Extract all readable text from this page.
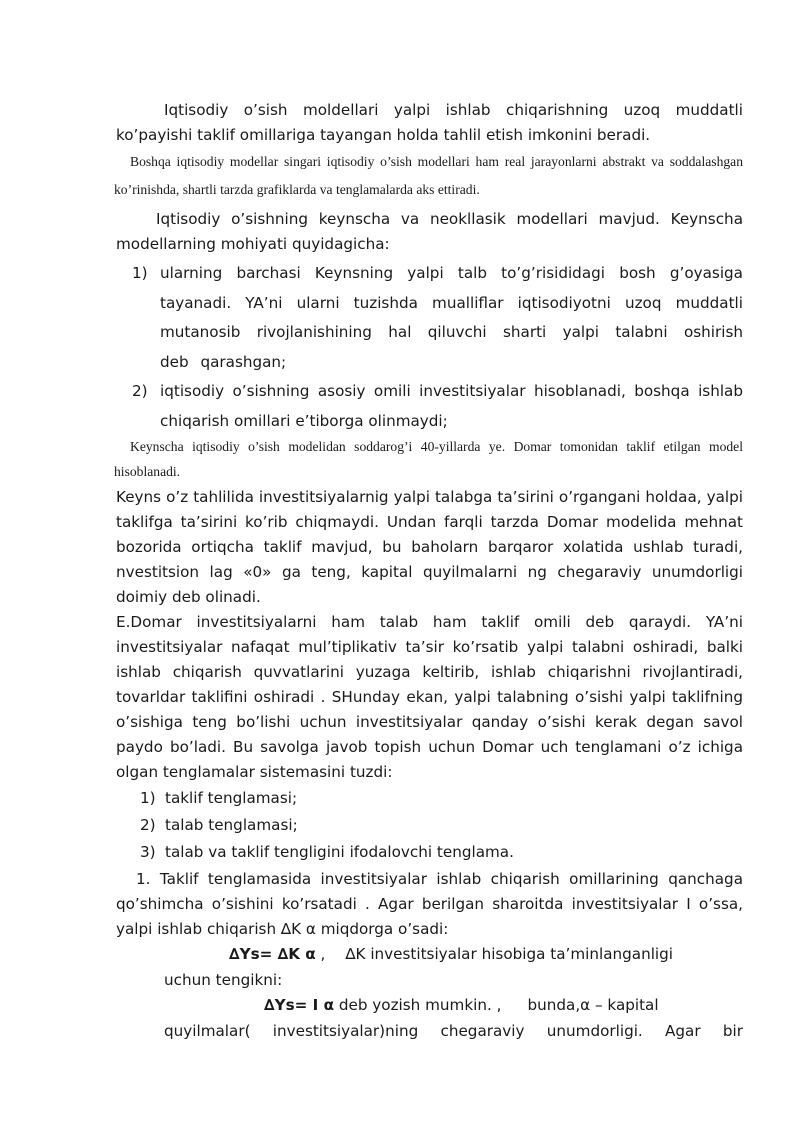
Iqtisodiy o’sish moldellari yalpi ishlab chiqarishning uzoq muddatli ko’payishi taklif omillariga tayangan holda tahlil etish imkonini beradi.

Boshqa iqtisodiy modellar singari iqtisodiy o’sish modellari ham real jarayonlarni abstrakt va soddalashgan ko’rinishda, shartli tarzda grafiklarda va tenglamalarda aks ettiradi.

Iqtisodiy o’sishning keynscha va neokllasik modellari mavjud. Keynscha modellarning mohiyati quyidagicha:

1) ularning barchasi Keynsning yalpi talb to’g’risididagi bosh g’oyasiga tayanadi. YA’ni ularni tuzishda mualliflar iqtisodiyotni uzoq muddatli mutanosib rivojlanishining hal qiluvchi sharti yalpi talabni oshirish deb qarashgan;
2) iqtisodiy o’sishning asosiy omili investitsiyalar hisoblanadi, boshqa ishlab chiqarish omillari e’tiborga olinmaydi;

Keynscha iqtisodiy o’sish modelidan soddarog’i 40-yillarda ye. Domar tomonidan taklif etilgan model hisoblanadi.

Keyns o’z tahlilida investitsiyalarnig yalpi talabga ta’sirini o’rgangani holdaa, yalpi taklifga ta’sirini ko’rib chiqmaydi. Undan farqli tarzda Domar modelida mehnat bozorida ortiqcha taklif mavjud, bu baholarn barqaror xolatida ushlab turadi, nvestitsion lag «0» ga teng, kapital quyilmalarni ng chegaraviy unumdorligi doimiy deb olinadi.

E.Domar investitsiyalarni ham talab ham taklif omili deb qaraydi. YA’ni investitsiyalar nafaqat mul’tiplikativ ta’sir ko’rsatib yalpi talabni oshiradi, balki ishlab chiqarish quvvatlarini yuzaga keltirib, ishlab chiqarishni rivojlantiradi, tovarldar taklifini oshiradi . SHunday ekan, yalpi talabning o’sishi yalpi taklifning o’sishiga teng bo’lishi uchun investitsiyalar qanday o’sishi kerak degan savol paydo bo’ladi. Bu savolga javob topish uchun Domar uch tenglamani o’z ichiga olgan tenglamalar sistemasini tuzdi:

1) taklif tenglamasi;
2) talab tenglamasi;
3) talab va taklif tengligini ifodalovchi tenglama.

1. Taklif tenglamasida investitsiyalar ishlab chiqarish omillarining qanchaga qo’shimcha o’sishini ko’rsatadi . Agar berilgan sharoitda investitsiyalar I o’ssa, yalpi ishlab chiqarish ∆K α miqdorga o’sadi:

∆Ys= ∆K α , ∆K investitsiyalar hisobiga ta’minlanganligi
uchun tengikni:
∆Ys= I α deb yozish mumkin. , bunda,α – kapital
quyilmalar( investitsiyalar)ning chegaraviy unumdorligi. Agar bir
